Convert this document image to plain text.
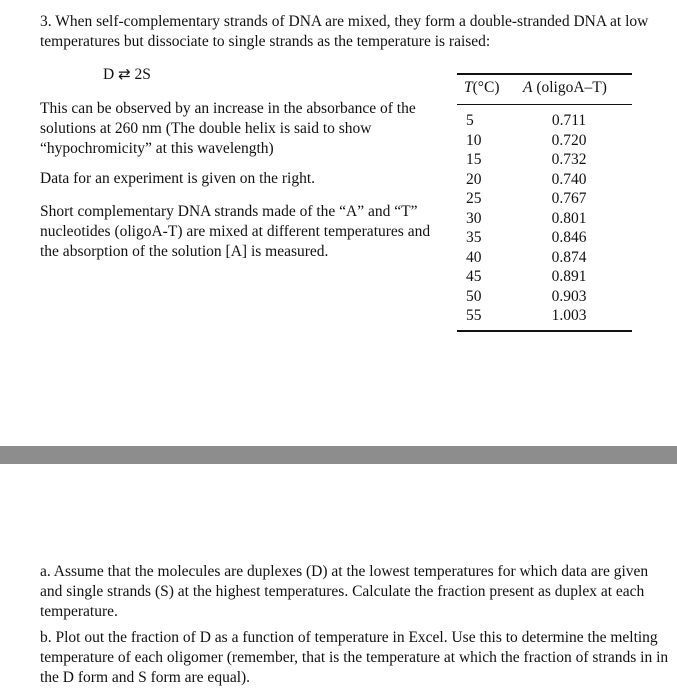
3. When self-complementary strands of DNA are mixed, they form a double-stranded DNA at low temperatures but dissociate to single strands as the temperature is raised:
D ⇄ 2S
This can be observed by an increase in the absorbance of the solutions at 260 nm (The double helix is said to show “hypochromicity” at this wavelength)
Data for an experiment is given on the right.
Short complementary DNA strands made of the “A” and “T” nucleotides (oligoA-T) are mixed at different temperatures and the absorption of the solution [A] is measured.
T(°C) A (oligoA–T)
5
10
15
20
25
30
35
40
45
50
55
0.711
0.720
0.732
0.740
0.767
0.801
0.846
0.874
0.891
0.903
1.003
a. Assume that the molecules are duplexes (D) at the lowest temperatures for which data are given and single strands (S) at the highest temperatures. Calculate the fraction present as duplex at each temperature.
b. Plot out the fraction of D as a function of temperature in Excel. Use this to determine the melting temperature of each oligomer (remember, that is the temperature at which the fraction of strands in in the D form and S form are equal).
